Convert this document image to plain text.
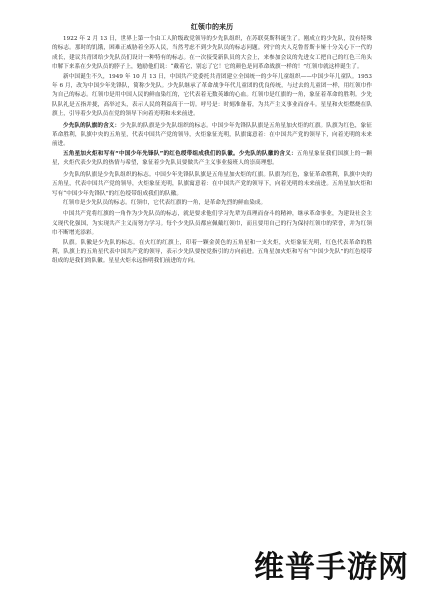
红领巾的来历

1922 年 2 月 13 日，世界上第一个由工人阶级政党领导的少先队组织，在苏联莫斯科诞生了。刚成立的少先队，没有特殊的标志。那时的饥饿，困难正威胁着全苏人民，当然考虑不到少先队员的标志问题。列宁的夫人克鲁普斯卡娅十分关心下一代的成长，建议共青团给少先队员们设计一种特有的标志。在一次接受新队员的大会上，来参加会议的先进女工把自己的红色三角头巾解下来系在少先队员的脖子上，勉励他们说：“戴着它，别忘了它！它的颜色是同革命战旗一样的！”红领巾就这样诞生了。

新中国诞生不久，1949 年 10 月 13 日，中国共产党委托共青团建立全国统一的少年儿童组织——中国少年儿童队。1953 年 6 月，改为中国少年先锋队，简称少先队。少先队继承了革命战争年代儿童团的优良传统，与过去的儿童团一样，用红领巾作为自己的标志。红领巾是用中国人民的鲜血染红的，它代表着无数英雄的心血。红领巾是红旗的一角，象征着革命的胜利。少先队队礼是五指并拢，高举过头，表示人民的利益高于一切。呼号是：时刻准备着，为共产主义事业而奋斗。星星和火炬燃烧在队旗上，引导着少先队员在党的领导下向着光明和未来前进。

少先队的队旗的含义：少先队的队旗是少先队组织的标志。中国少年先锋队队旗是五角星加火炬的红旗。队旗为红色，象征革命胜利，队旗中央的五角星，代表中国共产党的领导，火炬象征光明，队旗寓意着：在中国共产党的领导下，向着光明的未来前进。

五角星加火炬和写有“中国少年先锋队”的红色绶带组成我们的队徽。少先队的队徽的含义：五角星象征我们国旗上的一颗星，火炬代表少先队的热情与希望，象征着少先队员要做共产主义事业接班人的崇高理想。

少先队的队旗是少先队组织的标志。中国少年先锋队队旗是五角星加火炬的红旗。队旗为红色，象征革命胜利，队旗中央的五角星，代表中国共产党的领导，火炬象征光明，队旗寓意着：在中国共产党的领导下，向着光明的未来前进。五角星加火炬和写有“中国少年先锋队”的红色绶带组成我们的队徽。

红领巾是少先队员的标志。红领巾，它代表红旗的一角，是革命先烈的鲜血染成。

中国共产党将红旗的一角作为少先队员的标志，就是要求他们学习先辈为真理而奋斗的精神，继承革命事业，为建设社会主义现代化强国，为实现共产主义而努力学习。每个少先队员都应佩戴红领巾，而且要用自己的行为保持红领巾的荣誉，并为红领巾不断增光添彩。

队旗。队徽是少先队的标志。在火红的红旗上，印着一颗金黄色的五角星和一支火炬，火炬象征光明，红色代表革命的胜利，队旗上的五角星代表中国共产党的领导，表示少先队要按党指引的方向前进。五角星加火炬和写有“中国少先队”的红色绶带组成的是我们的队徽。星星火炬永远指明我们前进的方向。

维普手游网
